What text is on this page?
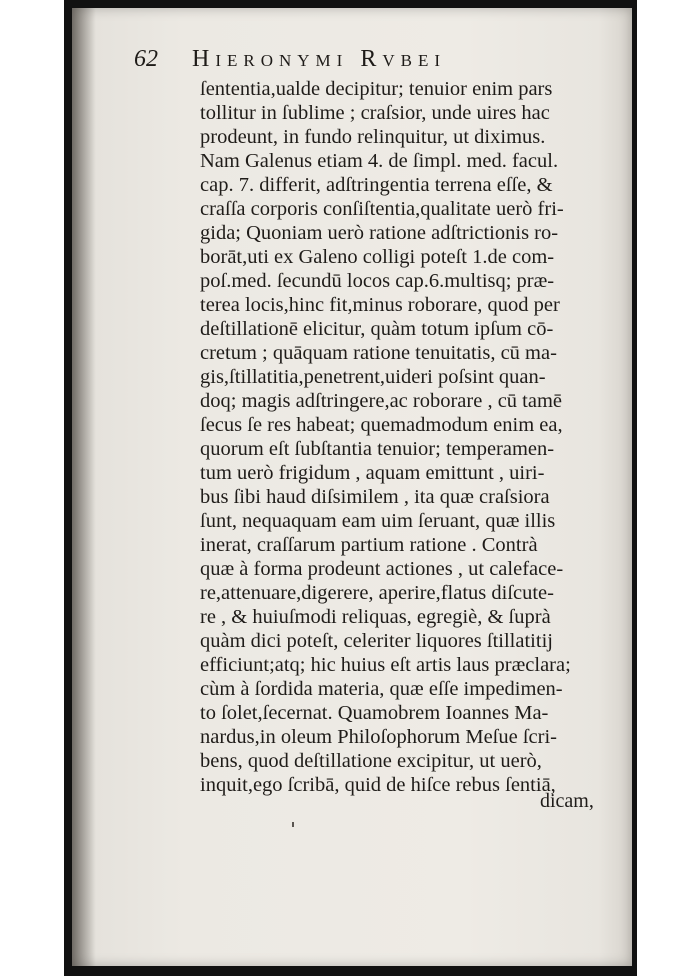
62 Hieronymi Rvbei
ſententia,ualde decipitur; tenuior enim pars
tollitur in ſublime ; craſsior, unde uires hac
prodeunt, in fundo relinquitur, ut diximus.
Nam Galenus etiam 4. de ſimpl. med. facul.
cap. 7. differit, adſtringentia terrena eſſe, &
craſſa corporis conſiſtentia,qualitate uerò fri-
gida; Quoniam uerò ratione adſtrictionis ro-
borāt,uti ex Galeno colligi poteſt 1.de com-
poſ.med. ſecundū locos cap.6.multisq; præ-
terea locis,hinc fit,minus roborare, quod per
deſtillationē elicitur, quàm totum ipſum cō-
cretum ; quāquam ratione tenuitatis, cū ma-
gis,ſtillatitia,penetrent,uideri poſsint quan-
doq; magis adſtringere,ac roborare , cū tamē
ſecus ſe res habeat; quemadmodum enim ea,
quorum eſt ſubſtantia tenuior; temperamen-
tum uerò frigidum , aquam emittunt , uiri-
bus ſibi haud diſsimilem , ita quæ craſsiora
ſunt, nequaquam eam uim ſeruant, quæ illis
inerat, craſſarum partium ratione . Contrà
quæ à forma prodeunt actiones , ut caleface-
re,attenuare,digerere, aperire,flatus diſcute-
re , & huiuſmodi reliquas, egregiè, & ſuprà
quàm dici poteſt, celeriter liquores ſtillatitij
efficiunt;atq; hic huius eſt artis laus præclara;
cùm à ſordida materia, quæ eſſe impedimen-
to ſolet,ſecernat. Quamobrem Ioannes Ma-
nardus,in oleum Philoſophorum Meſue ſcri-
bens, quod deſtillatione excipitur, ut uerò,
inquit,ego ſcribā, quid de hiſce rebus ſentiā,
dicam,
